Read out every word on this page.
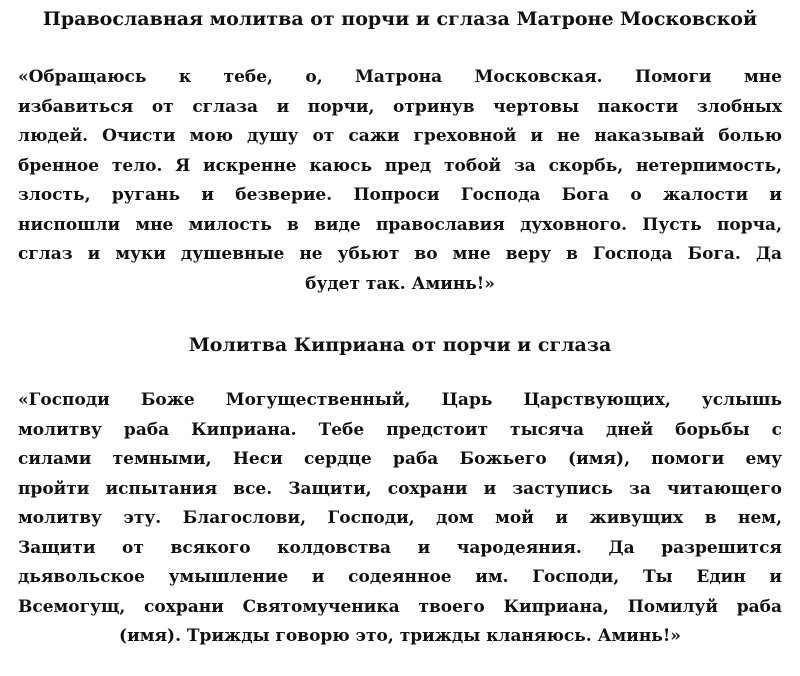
Православная молитва от порчи и сглаза Матроне Московской
«Обращаюсь к тебе, о, Матрона Московская. Помоги мне
избавиться от сглаза и порчи, отринув чертовы пакости злобных
людей. Очисти мою душу от сажи греховной и не наказывай болью
бренное тело. Я искренне каюсь пред тобой за скорбь, нетерпимость,
злость, ругань и безверие. Попроси Господа Бога о жалости и
ниспошли мне милость в виде православия духовного. Пусть порча,
сглаз и муки душевные не убьют во мне веру в Господа Бога. Да
будет так. Аминь!»
Молитва Киприана от порчи и сглаза
«Господи Боже Могущественный, Царь Царствующих, услышь
молитву раба Киприана. Тебе предстоит тысяча дней борьбы с
силами темными, Неси сердце раба Божьего (имя), помоги ему
пройти испытания все. Защити, сохрани и заступись за читающего
молитву эту. Благослови, Господи, дом мой и живущих в нем,
Защити от всякого колдовства и чародеяния. Да разрешится
дьявольское умышление и содеянное им. Господи, Ты Един и
Всемогущ, сохрани Святомученика твоего Киприана, Помилуй раба
(имя). Трижды говорю это, трижды кланяюсь. Аминь!»
